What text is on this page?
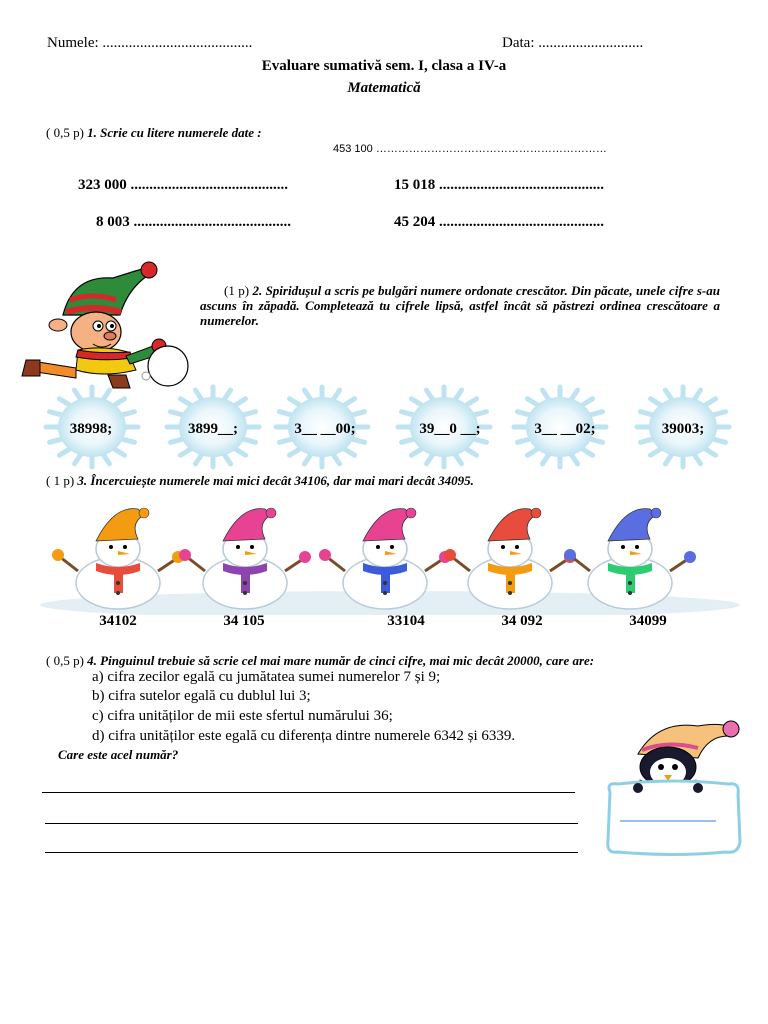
Numele: ........................................	Data: ............................
Evaluare sumativă sem. I, clasa a IV-a
Matematică
( 0,5 p) 1. Scrie cu litere numerele date :
453 100 ………………………………………………………
323 000 ..........................................	15 018 ............................................
8 003 ..........................................	45 204 ............................................
(1 p) 2. Spiridușul a scris pe bulgări numere ordonate crescător. Din păcate, unele cifre s-au ascuns în zăpadă. Completează tu cifrele lipsă, astfel încât să păstrezi ordinea crescătoare a numerelor.
38998;	3899__;	3__ __00;	39__0 __;	3__ __02;	39003;
( 1 p) 3. Încercuiește numerele mai mici decât 34106, dar mai mari decât 34095.
34102	34 105	33104	34 092	34099
( 0,5 p) 4. Pinguinul trebuie să scrie cel mai mare număr de cinci cifre, mai mic decât 20000, care are:
a) cifra zecilor egală cu jumătatea sumei numerelor 7 și 9;
b) cifra sutelor egală cu dublul lui 3;
c) cifra unităților de mii este sfertul numărului 36;
d) cifra unităților este egală cu diferența dintre numerele 6342 și 6339.
Care este acel număr?
